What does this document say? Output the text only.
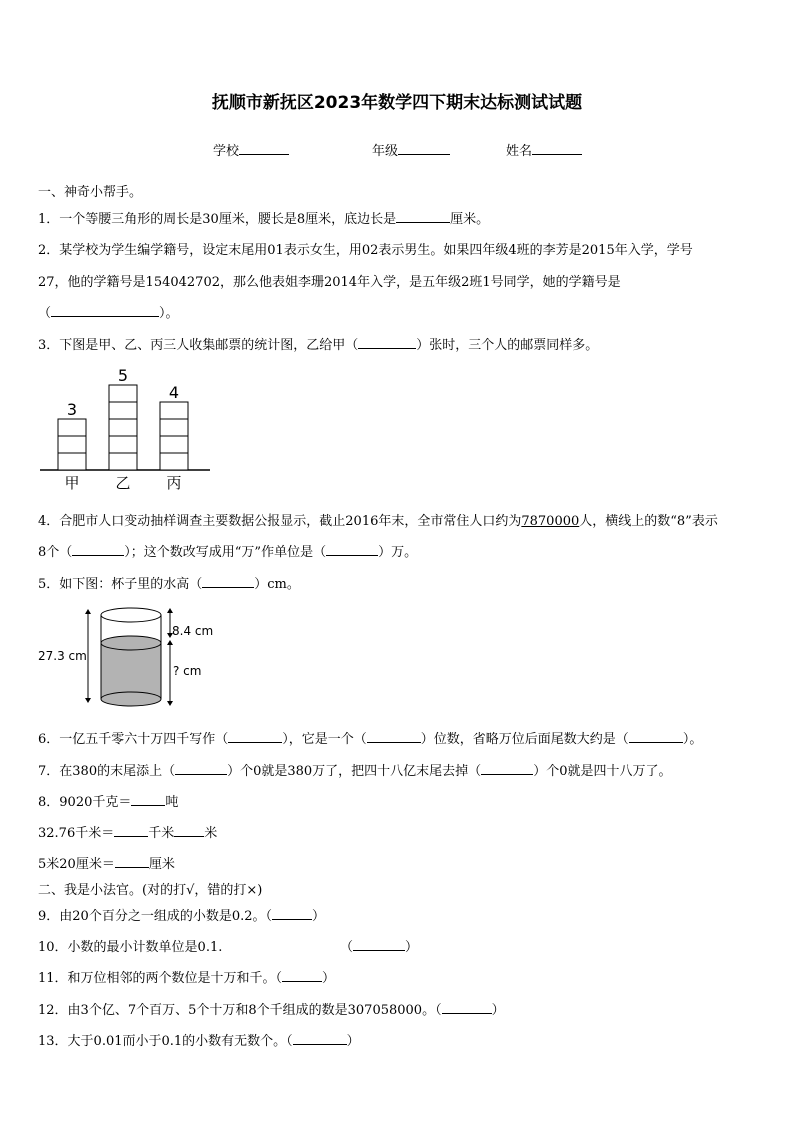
抚顺市新抚区2023年数学四下期末达标测试试题
学校	年级	姓名
一、神奇小帮手。
1．一个等腰三角形的周长是30厘米，腰长是8厘米，底边长是	厘米。
2．某学校为学生编学籍号，设定末尾用01表示女生，用02表示男生。如果四年级4班的李芳是2015年入学，学号
27，他的学籍号是154042702，那么他表姐李珊2014年入学，是五年级2班1号同学，她的学籍号是
（	）。
3．下图是甲、乙、丙三人收集邮票的统计图，乙给甲（	）张时，三个人的邮票同样多。
3
甲
5
乙
4
丙
4．合肥市人口变动抽样调查主要数据公报显示，截止2016年末，全市常住人口约为7870000人，横线上的数“8”表示
8个（	）；这个数改写成用“万”作单位是（	）万。
5．如下图：杯子里的水高（	）cm。
27.3 cm
8.4 cm
? cm
6．一亿五千零六十万四千写作（	），它是一个（	）位数，省略万位后面尾数大约是（	）。
7．在380的末尾添上（	）个0就是380万了，把四十八亿末尾去掉（	）个0就是四十八万了。
8．9020千克＝	吨
32.76千米＝	千米 米
5米20厘米＝	厘米
二、我是小法官。(对的打√，错的打×)
9．由20个百分之一组成的小数是0.2。（	）
10．小数的最小计数单位是0.1.	（	）
11．和万位相邻的两个数位是十万和千。（	）
12．由3个亿、7个百万、5个十万和8个千组成的数是307058000。（	）
13．大于0.01而小于0.1的小数有无数个。（	）
